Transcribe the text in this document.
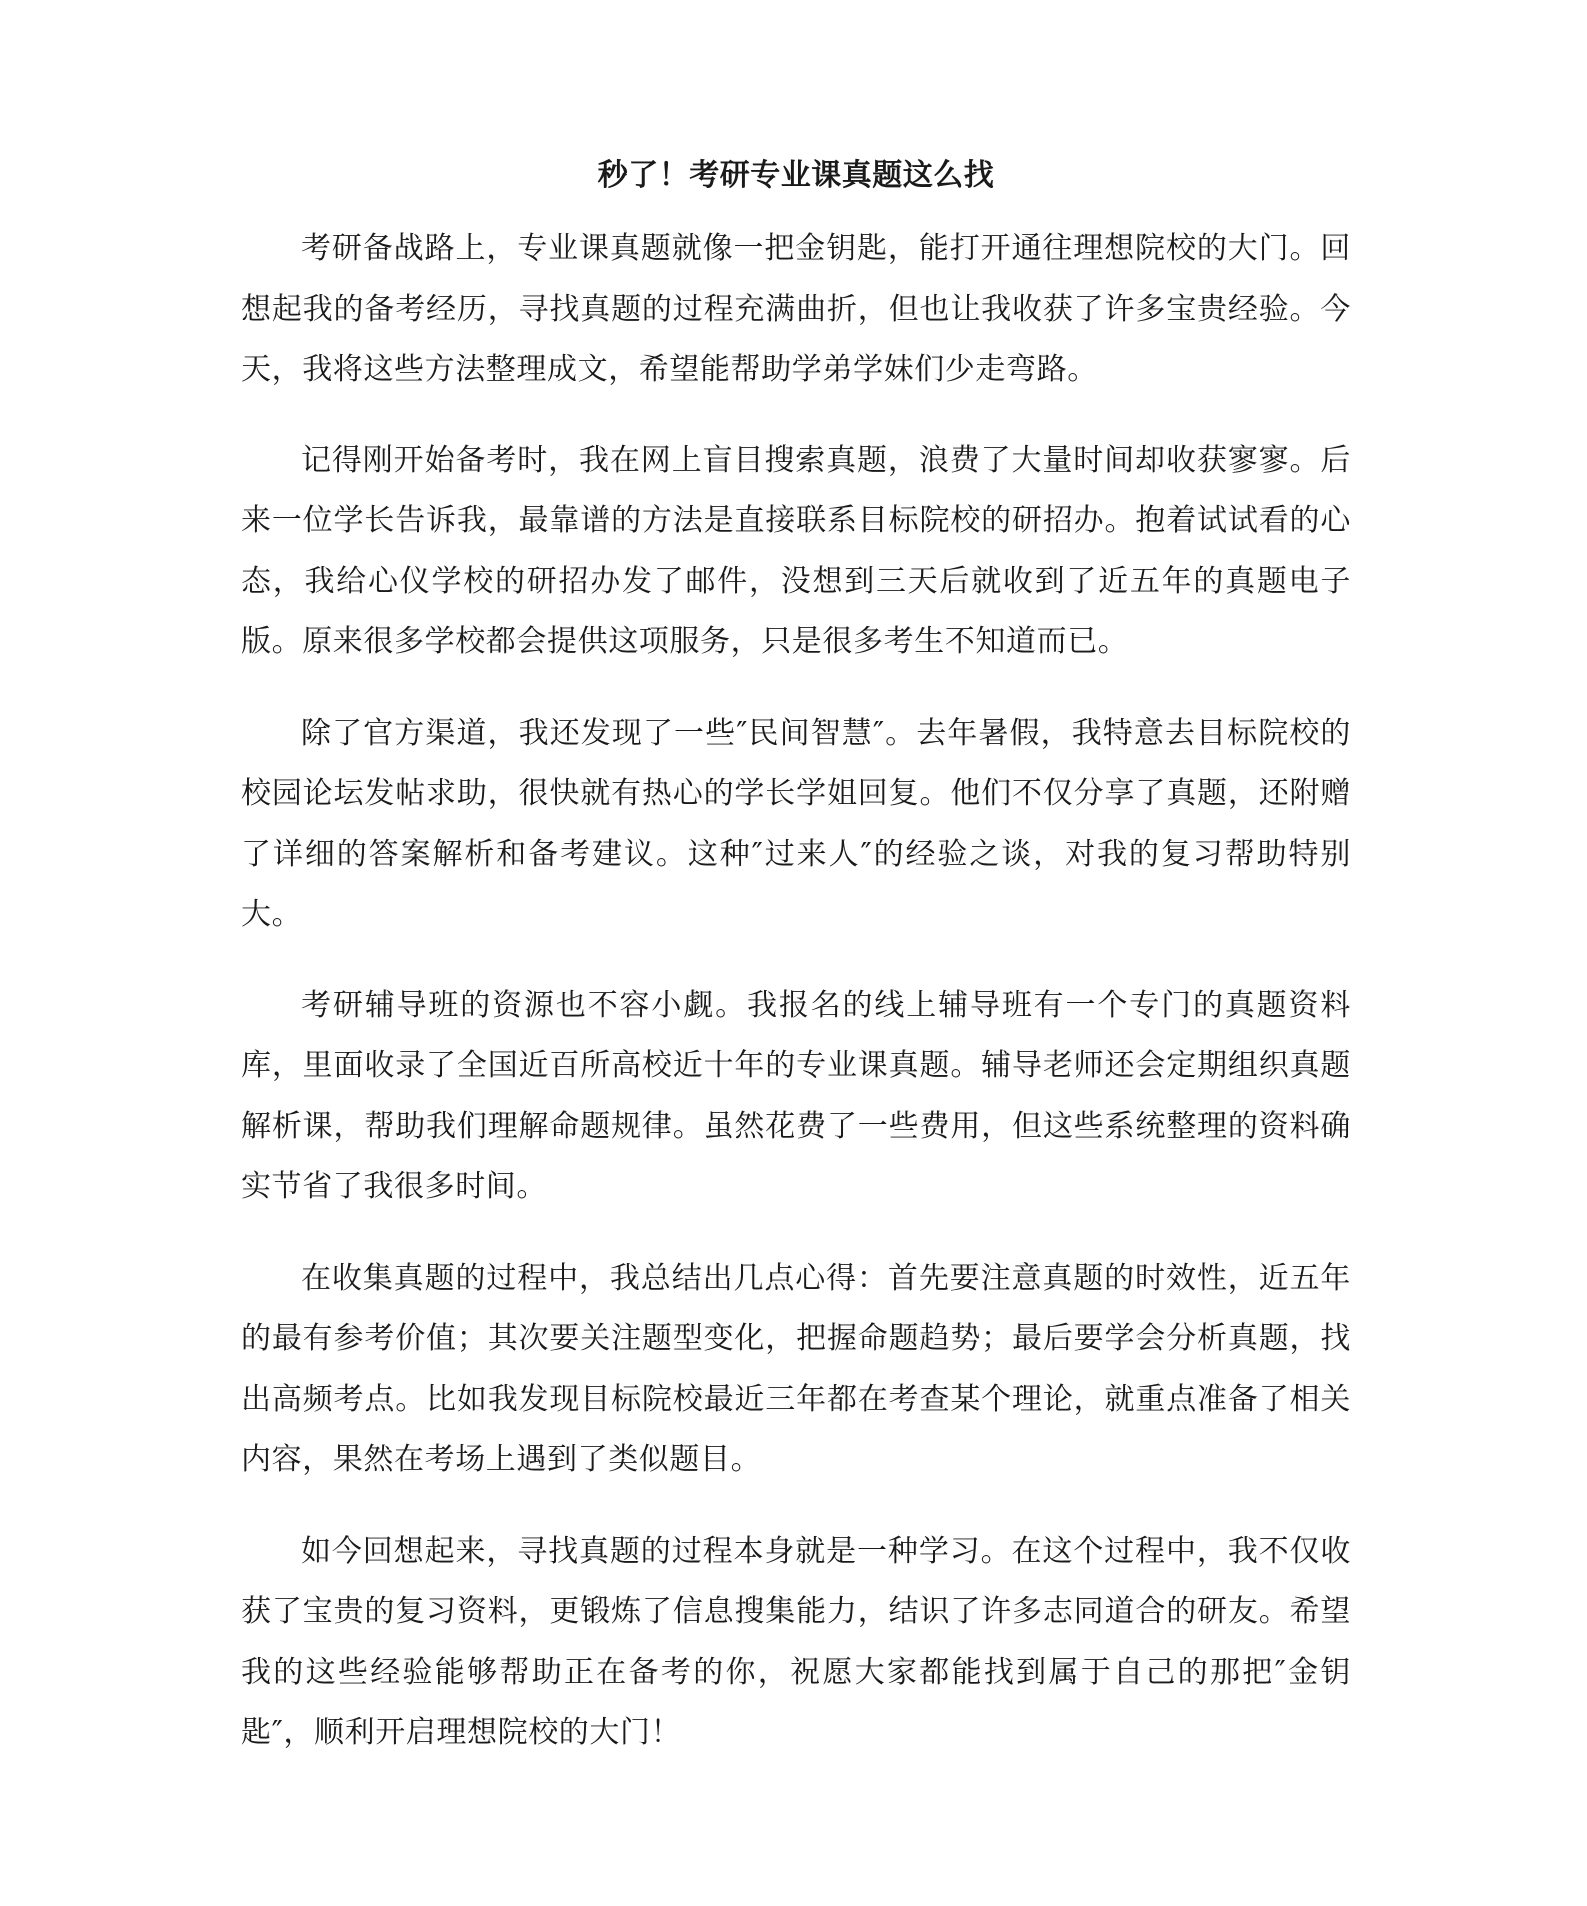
秒了！考研专业课真题这么找

考研备战路上，专业课真题就像一把金钥匙，能打开通往理想院校的大门。回想起我的备考经历，寻找真题的过程充满曲折，但也让我收获了许多宝贵经验。今天，我将这些方法整理成文，希望能帮助学弟学妹们少走弯路。

记得刚开始备考时，我在网上盲目搜索真题，浪费了大量时间却收获寥寥。后来一位学长告诉我，最靠谱的方法是直接联系目标院校的研招办。抱着试试看的心态，我给心仪学校的研招办发了邮件，没想到三天后就收到了近五年的真题电子版。原来很多学校都会提供这项服务，只是很多考生不知道而已。

除了官方渠道，我还发现了一些″民间智慧″。去年暑假，我特意去目标院校的校园论坛发帖求助，很快就有热心的学长学姐回复。他们不仅分享了真题，还附赠了详细的答案解析和备考建议。这种″过来人″的经验之谈，对我的复习帮助特别大。

考研辅导班的资源也不容小觑。我报名的线上辅导班有一个专门的真题资料库，里面收录了全国近百所高校近十年的专业课真题。辅导老师还会定期组织真题解析课，帮助我们理解命题规律。虽然花费了一些费用，但这些系统整理的资料确实节省了我很多时间。

在收集真题的过程中，我总结出几点心得：首先要注意真题的时效性，近五年的最有参考价值；其次要关注题型变化，把握命题趋势；最后要学会分析真题，找出高频考点。比如我发现目标院校最近三年都在考查某个理论，就重点准备了相关内容，果然在考场上遇到了类似题目。

如今回想起来，寻找真题的过程本身就是一种学习。在这个过程中，我不仅收获了宝贵的复习资料，更锻炼了信息搜集能力，结识了许多志同道合的研友。希望我的这些经验能够帮助正在备考的你，祝愿大家都能找到属于自己的那把″金钥匙″，顺利开启理想院校的大门！
